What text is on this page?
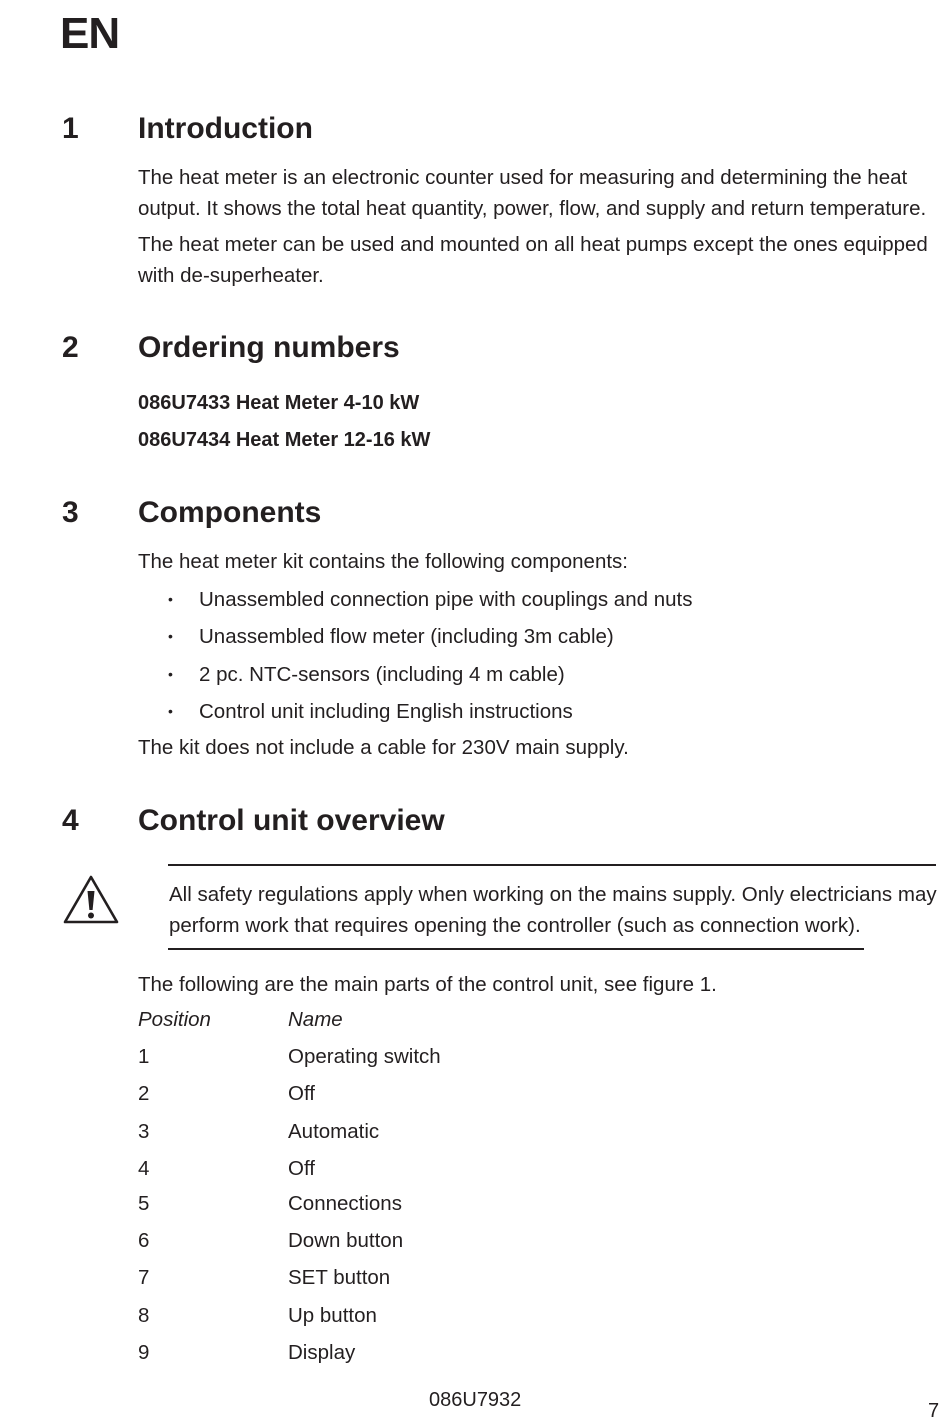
EN
1 Introduction

The heat meter is an electronic counter used for measuring and determining the heat output. It shows the total heat quantity, power, flow, and supply and return temperature.

The heat meter can be used and mounted on all heat pumps except the ones equipped with de-superheater.

2 Ordering numbers
086U7433 Heat Meter 4-10 kW
086U7434 Heat Meter 12-16 kW
3 Components
The heat meter kit contains the following components:
• Unassembled connection pipe with couplings and nuts
• Unassembled flow meter (including 3m cable)
• 2 pc. NTC-sensors (including 4 m cable)
• Control unit including English instructions
The kit does not include a cable for 230V main supply.
4 Control unit overview

All safety regulations apply when working on the mains supply. Only electricians may perform work that requires opening the controller (such as connection work).

The following are the main parts of the control unit, see figure 1.
Position	Name
1	Operating switch
2	Off
3	Automatic
4	Off
5	Connections
6	Down button
7	SET button
8	Up button
9	Display
086U7932	7
